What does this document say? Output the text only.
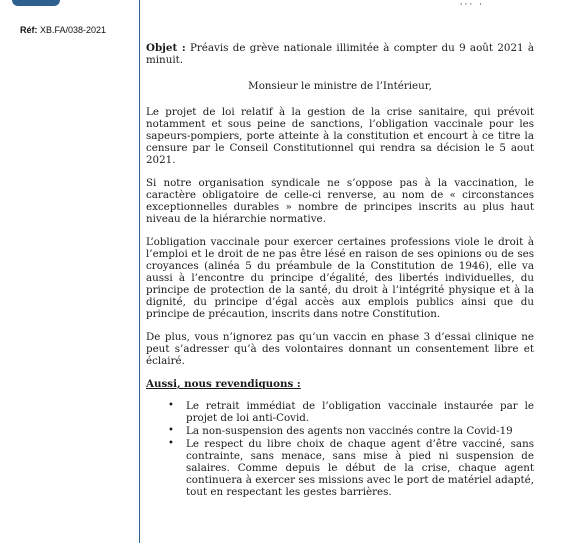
··· ·
Réf: XB.FA/038-2021

Objet : Préavis de grève nationale illimitée à compter du 9 août 2021 à minuit.

Monsieur le ministre de l’Intérieur,

Le projet de loi relatif à la gestion de la crise sanitaire, qui prévoit notamment et sous peine de sanctions, l’obligation vaccinale pour les sapeurs-pompiers, porte atteinte à la constitution et encourt à ce titre la censure par le Conseil Constitutionnel qui rendra sa décision le 5 aout 2021.

Si notre organisation syndicale ne s’oppose pas à la vaccination, le caractère obligatoire de celle-ci renverse, au nom de « circonstances exceptionnelles durables » nombre de principes inscrits au plus haut niveau de la hiérarchie normative.

L’obligation vaccinale pour exercer certaines professions viole le droit à l’emploi et le droit de ne pas être lésé en raison de ses opinions ou de ses croyances (alinéa 5 du préambule de la Constitution de 1946), elle va aussi à l’encontre du principe d’égalité, des libertés individuelles, du principe de protection de la santé, du droit à l’intégrité physique et à la dignité, du principe d’égal accès aux emplois publics ainsi que du principe de précaution, inscrits dans notre Constitution.

De plus, vous n’ignorez pas qu’un vaccin en phase 3 d’essai clinique ne peut s’adresser qu’à des volontaires donnant un consentement libre et éclairé.

Aussi, nous revendiquons :

• Le retrait immédiat de l’obligation vaccinale instaurée par le projet de loi anti-Covid.
• La non-suspension des agents non vaccinés contre la Covid-19
• Le respect du libre choix de chaque agent d’être vacciné, sans contrainte, sans menace, sans mise à pied ni suspension de salaires. Comme depuis le début de la crise, chaque agent continuera à exercer ses missions avec le port de matériel adapté, tout en respectant les gestes barrières.
